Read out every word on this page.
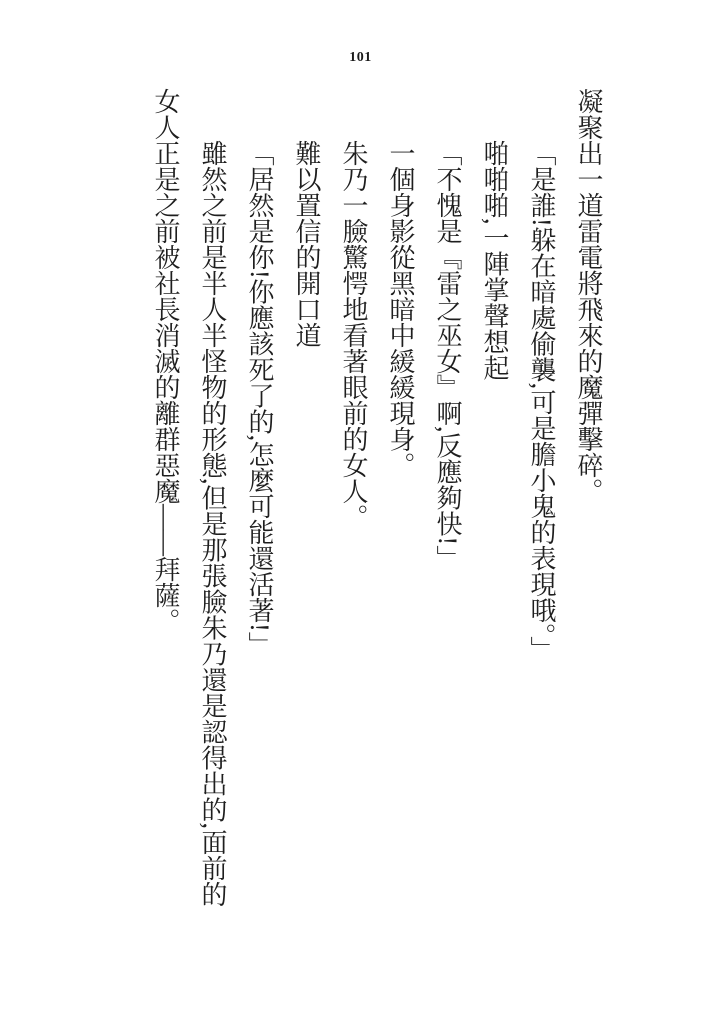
101

凝聚出一道雷電將飛來的魔彈擊碎。

「是誰!躲在暗處偷襲,可是膽小鬼的表現哦。」

啪啪啪,一陣掌聲想起

「不愧是『雷之巫女』啊,反應夠快!」

一個身影從黑暗中緩緩現身。

朱乃一臉驚愕地看著眼前的女人。

難以置信的開口道

「居然是你!你應該死了的,怎麼可能還活著!」

雖然之前是半人半怪物的形態,但是那張臉朱乃還是認得出的,面前的女人正是之前被社長消滅的離群惡魔——拜薩。
